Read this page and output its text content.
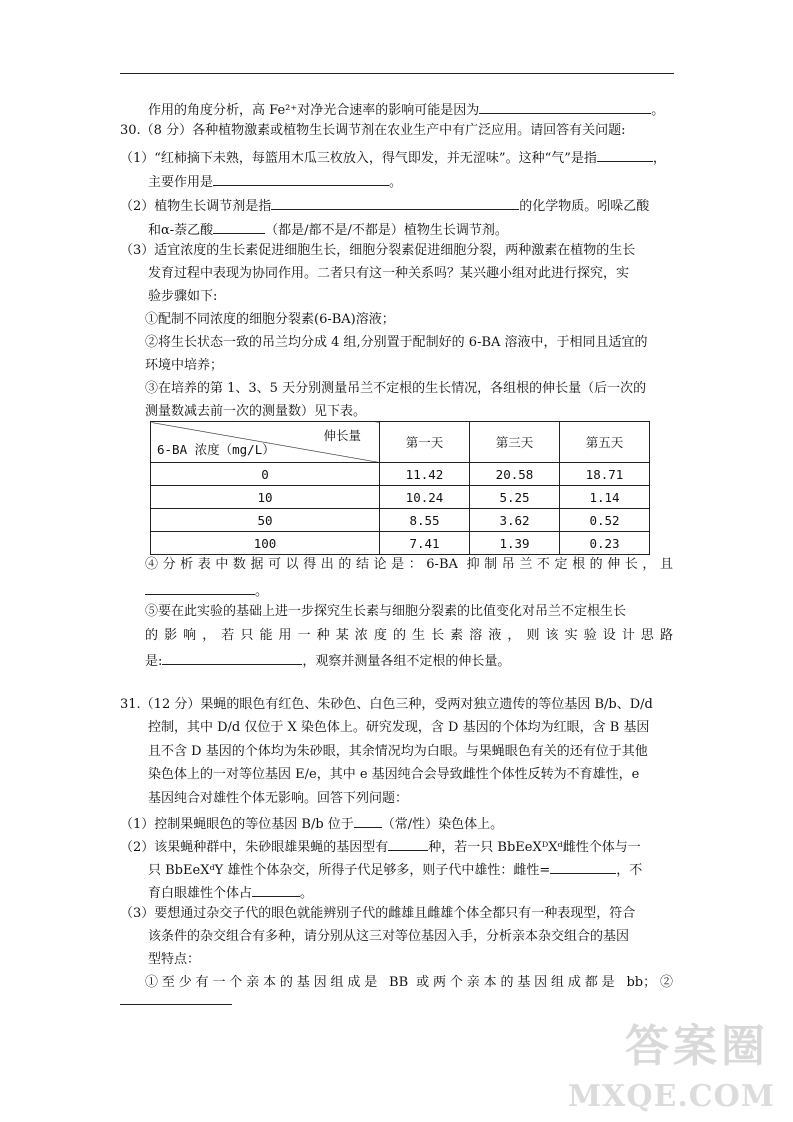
作用的角度分析，高 Fe²⁺对净光合速率的影响可能是因为	。
30.（8 分）各种植物激素或植物生长调节剂在农业生产中有广泛应用。请回答有关问题:
（1）“红柿摘下未熟，每篮用木瓜三枚放入，得气即发，并无涩味”。这种“气”是指	，
主要作用是	。
（2）植物生长调节剂是指	的化学物质。吲哚乙酸
和α-萘乙酸	（都是/都不是/不都是）植物生长调节剂。
（3）适宜浓度的生长素促进细胞生长，细胞分裂素促进细胞分裂，两种激素在植物的生长
发育过程中表现为协同作用。二者只有这一种关系吗？某兴趣小组对此进行探究，实
验步骤如下:
①配制不同浓度的细胞分裂素(6-BA)溶液；
②将生长状态一致的吊兰均分成 4 组,分别置于配制好的 6-BA 溶液中，于相同且适宜的
环境中培养；
③在培养的第 1、3、5 天分别测量吊兰不定根的生长情况，各组根的伸长量（后一次的
测量数减去前一次的测量数）见下表。
伸长量
6-BA 浓度（mg/L）	第一天	第三天	第五天
0	11.42	20.58	18.71
10	10.24	5.25	1.14
50	8.55	3.62	0.52
100	7.41	1.39	0.23
④分析表中数据可以得出的结论是：6-BA 抑制吊兰不定根的伸长，且
。
⑤要在此实验的基础上进一步探究生长素与细胞分裂素的比值变化对吊兰不定根生长
的影响，若只能用一种某浓度的生长素溶液，则该实验设计思路
是:	，观察并测量各组不定根的伸长量。
31.（12 分）果蝇的眼色有红色、朱砂色、白色三种，受两对独立遗传的等位基因 B/b、D/d
控制，其中 D/d 仅位于 X 染色体上。研究发现，含 D 基因的个体均为红眼，含 B 基因
且不含 D 基因的个体均为朱砂眼，其余情况均为白眼。与果蝇眼色有关的还有位于其他
染色体上的一对等位基因 E/e，其中 e 基因纯合会导致雌性个体性反转为不育雄性，e
基因纯合对雄性个体无影响。回答下列问题：
（1）控制果蝇眼色的等位基因 B/b 位于 （常/性）染色体上。
（2）该果蝇种群中，朱砂眼雄果蝇的基因型有	种，若一只 BbEeXᴰXᵈ雌性个体与一
只 BbEeXᵈY 雄性个体杂交，所得子代足够多，则子代中雄性：雌性=	，不
育白眼雄性个体占	。
（3）要想通过杂交子代的眼色就能辨别子代的雌雄且雌雄个体全都只有一种表现型，符合
该条件的杂交组合有多种，请分别从这三对等位基因入手，分析亲本杂交组合的基因
型特点：
①至少有一个亲本的基因组成是 BB 或两个亲本的基因组成都是 bb；②
答案圈
MXQE.COM
